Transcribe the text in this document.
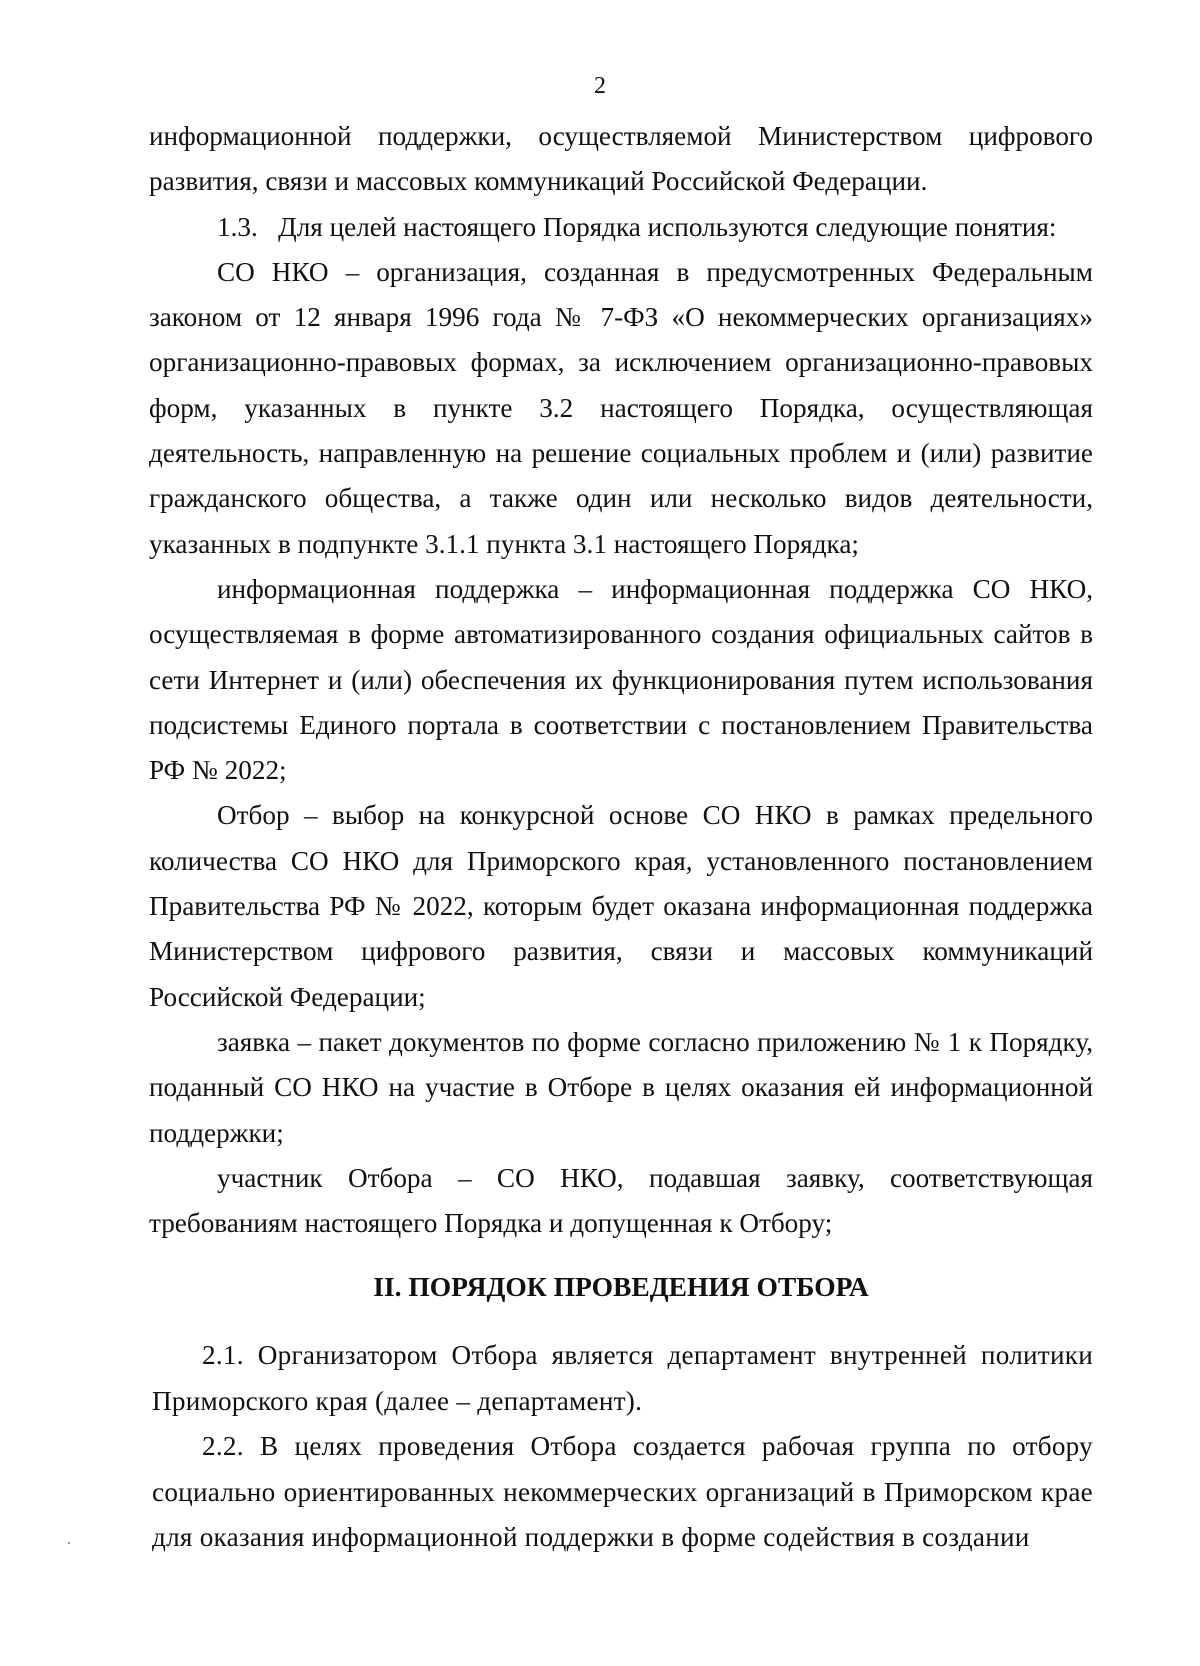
2

информационной поддержки, осуществляемой Министерством цифрового развития, связи и массовых коммуникаций Российской Федерации.

1.3.   Для целей настоящего Порядка используются следующие понятия:

СО НКО – организация, созданная в предусмотренных Федеральным законом от 12 января 1996 года № 7-ФЗ «О некоммерческих организациях» организационно-правовых формах, за исключением организационно-правовых форм, указанных в пункте 3.2 настоящего Порядка, осуществляющая деятельность, направленную на решение социальных проблем и (или) развитие гражданского общества, а также один или несколько видов деятельности, указанных в подпункте 3.1.1 пункта 3.1 настоящего Порядка;

информационная поддержка – информационная поддержка СО НКО, осуществляемая в форме автоматизированного создания официальных сайтов в сети Интернет и (или) обеспечения их функционирования путем использования подсистемы Единого портала в соответствии с постановлением Правительства РФ № 2022;

Отбор – выбор на конкурсной основе СО НКО в рамках предельного количества СО НКО для Приморского края, установленного постановлением Правительства РФ № 2022, которым будет оказана информационная поддержка Министерством цифрового развития, связи и массовых коммуникаций Российской Федерации;

заявка – пакет документов по форме согласно приложению № 1 к Порядку, поданный СО НКО на участие в Отборе в целях оказания ей информационной поддержки;

участник Отбора – СО НКО, подавшая заявку, соответствующая требованиям настоящего Порядка и допущенная к Отбору;

II. ПОРЯДОК ПРОВЕДЕНИЯ ОТБОРА

2.1. Организатором Отбора является департамент внутренней политики Приморского края (далее – департамент).

2.2. В целях проведения Отбора создается рабочая группа по отбору социально ориентированных некоммерческих организаций в Приморском крае для оказания информационной поддержки в форме содействия в создании
